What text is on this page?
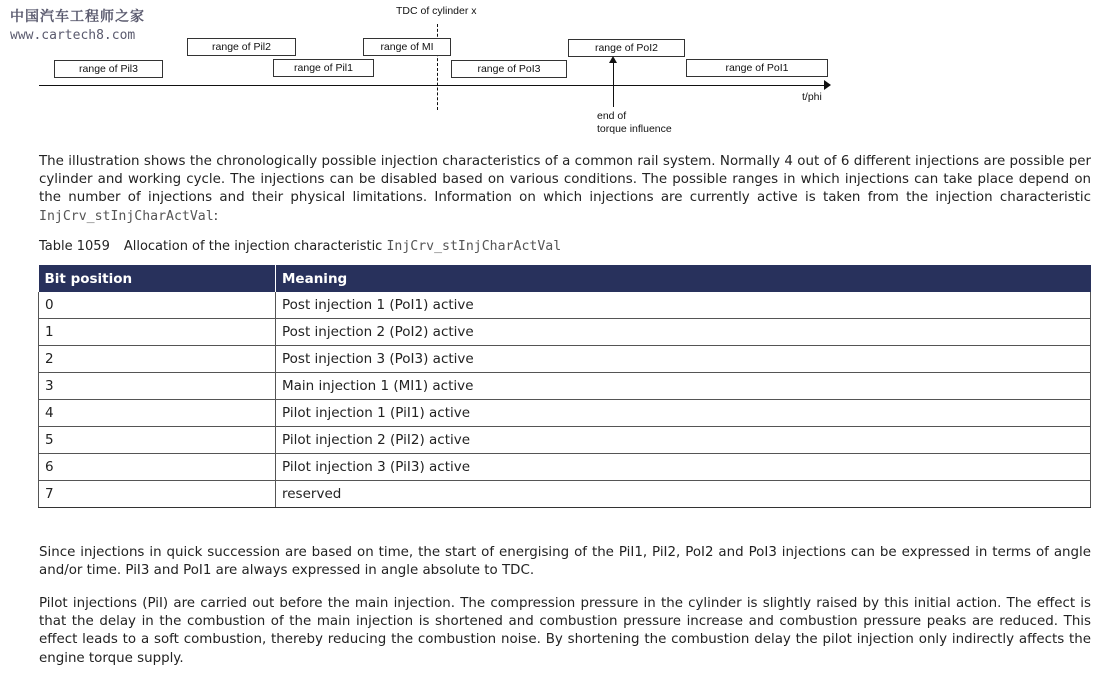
中国汽车工程师之家
www.cartech8.com
TDC of cylinder x
range of Pil2	range of MI	range of PoI2
range of Pil3	range of Pil1	range of PoI3	range of PoI1
t/phi
end of
torque influence
The illustration shows the chronologically possible injection characteristics of a common rail system. Normally 4 out of 6 different injections are possible per cylinder and working cycle. The injections can be disabled based on various conditions. The possible ranges in which injections can take place depend on the number of injections and their physical limitations. Information on which injections are currently active is taken from the injection characteristic InjCrv_stInjCharActVal:
Table 1059 Allocation of the injection characteristic InjCrv_stInjCharActVal
Bit position	Meaning
0	Post injection 1 (PoI1) active
1	Post injection 2 (PoI2) active
2	Post injection 3 (PoI3) active
3	Main injection 1 (MI1) active
4	Pilot injection 1 (PiI1) active
5	Pilot injection 2 (PiI2) active
6	Pilot injection 3 (PiI3) active
7	reserved
Since injections in quick succession are based on time, the start of energising of the PiI1, PiI2, PoI2 and PoI3 injections can be expressed in terms of angle and/or time. PiI3 and PoI1 are always expressed in angle absolute to TDC.
Pilot injections (PiI) are carried out before the main injection. The compression pressure in the cylinder is slightly raised by this initial action. The effect is that the delay in the combustion of the main injection is shortened and combustion pressure increase and combustion pressure peaks are reduced. This effect leads to a soft combustion, thereby reducing the combustion noise. By shortening the combustion delay the pilot injection only indirectly affects the engine torque supply.
